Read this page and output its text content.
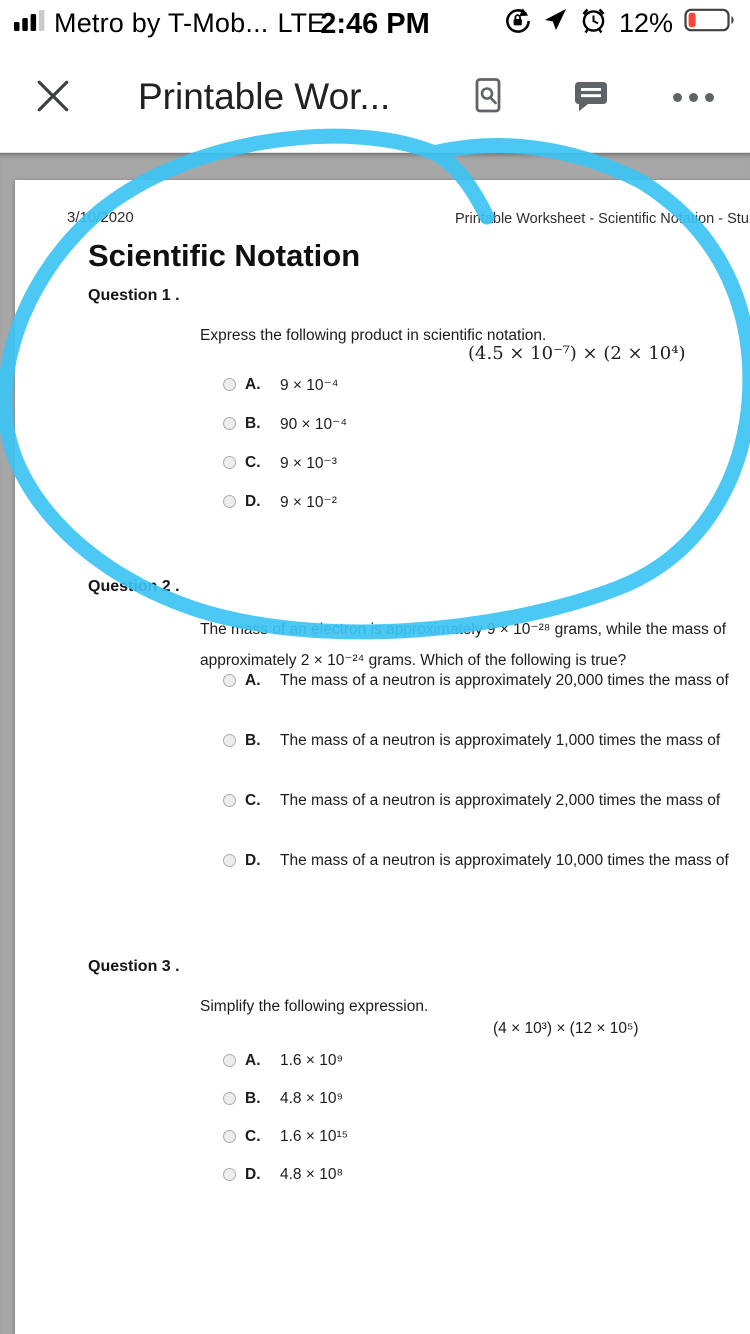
Metro by T-Mob... LTE
2:46 PM	12%
Printable Wor...
3/10/2020	Printable Worksheet - Scientific Notation - Stu
Scientific Notation
Question 1 .
Express the following product in scientific notation.
(4.5 × 10⁻⁷) × (2 × 10⁴)
A.	9 × 10⁻⁴
B.	90 × 10⁻⁴
C.	9 × 10⁻³
D.	9 × 10⁻²
Question 2 .
The mass of an electron is approximately 9 × 10⁻²⁸ grams, while the mass of
approximately 2 × 10⁻²⁴ grams. Which of the following is true?
A.	The mass of a neutron is approximately 20,000 times the mass of
B.	The mass of a neutron is approximately 1,000 times the mass of
C.	The mass of a neutron is approximately 2,000 times the mass of
D.	The mass of a neutron is approximately 10,000 times the mass of
Question 3 .
Simplify the following expression.
(4 × 10³) × (12 × 10⁵)
A.	1.6 × 10⁹
B.	4.8 × 10⁹
C.	1.6 × 10¹⁵
D.	4.8 × 10⁸
